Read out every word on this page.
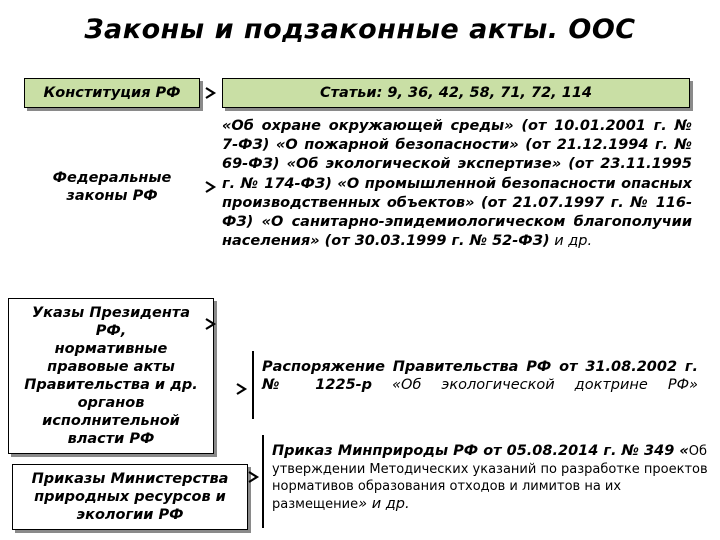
Законы и подзаконные акты. ООС
Конституция РФ
Федеральные
законы РФ
Указы Президента
РФ,
нормативные
правовые акты
Правительства и др.
органов
исполнительной
власти РФ
Приказы Министерства
природных ресурсов и
экологии РФ
Статьи: 9, 36, 42, 58, 71, 72, 114
«Об охране окружающей среды» (от 10.01.2001 г. № 7-ФЗ) «О пожарной безопасности» (от 21.12.1994 г. № 69-ФЗ) «Об экологической экспертизе» (от 23.11.1995 г. № 174-ФЗ) «О промышленной безопасности опасных производственных объектов» (от 21.07.1997 г. № 116-ФЗ) «О санитарно-эпидемиологическом благополучии населения» (от 30.03.1999 г. № 52-ФЗ) и др.
Распоряжение Правительства РФ от 31.08.2002 г. № 1225-р «Об экологической доктрине РФ»
Приказ Минприроды РФ от 05.08.2014 г. № 349 «Об утверждении Методических указаний по разработке проектов нормативов образования отходов и лимитов на их размещение» и др.
